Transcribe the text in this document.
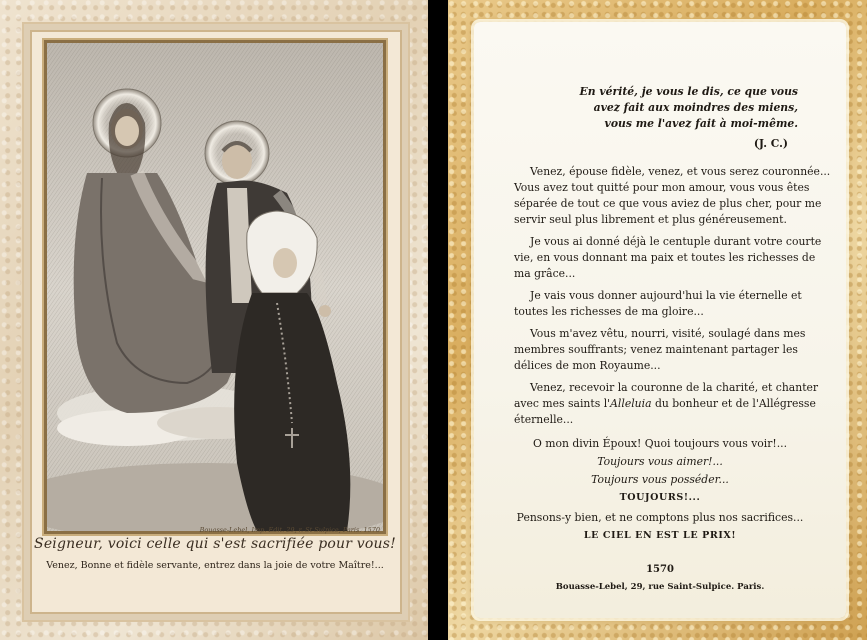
Bouasse-Lebel, Imp. Edit. 29, r. St Sulpice, Paris. 1570
Seigneur, voici celle qui s'est sacrifiée pour vous!
Venez, Bonne et fidèle servante, entrez dans la joie de votre Maître!...
En vérité, je vous le dis, ce que vous
avez fait aux moindres des miens,
vous me l'avez fait à moi-même.
(J. C.)
Venez, épouse fidèle, venez, et vous serez couronnée...
Vous avez tout quitté pour mon amour, vous vous êtes
séparée de tout ce que vous aviez de plus cher, pour me
servir seul plus librement et plus généreusement.
Je vous ai donné déjà le centuple durant votre courte
vie, en vous donnant ma paix et toutes les richesses de
ma grâce...
Je vais vous donner aujourd'hui la vie éternelle et
toutes les richesses de ma gloire...
Vous m'avez vêtu, nourri, visité, soulagé dans mes
membres souffrants; venez maintenant partager les
délices de mon Royaume...
Venez, recevoir la couronne de la charité, et chanter
avec mes saints l'Alleluia du bonheur et de l'Allégresse
éternelle...
O mon divin Époux! Quoi toujours vous voir!...
Toujours vous aimer!...
Toujours vous posséder...
TOUJOURS!...
Pensons-y bien, et ne comptons plus nos sacrifices...
LE CIEL EN EST LE PRIX!
1570
Bouasse-Lebel, 29, rue Saint-Sulpice. Paris.
